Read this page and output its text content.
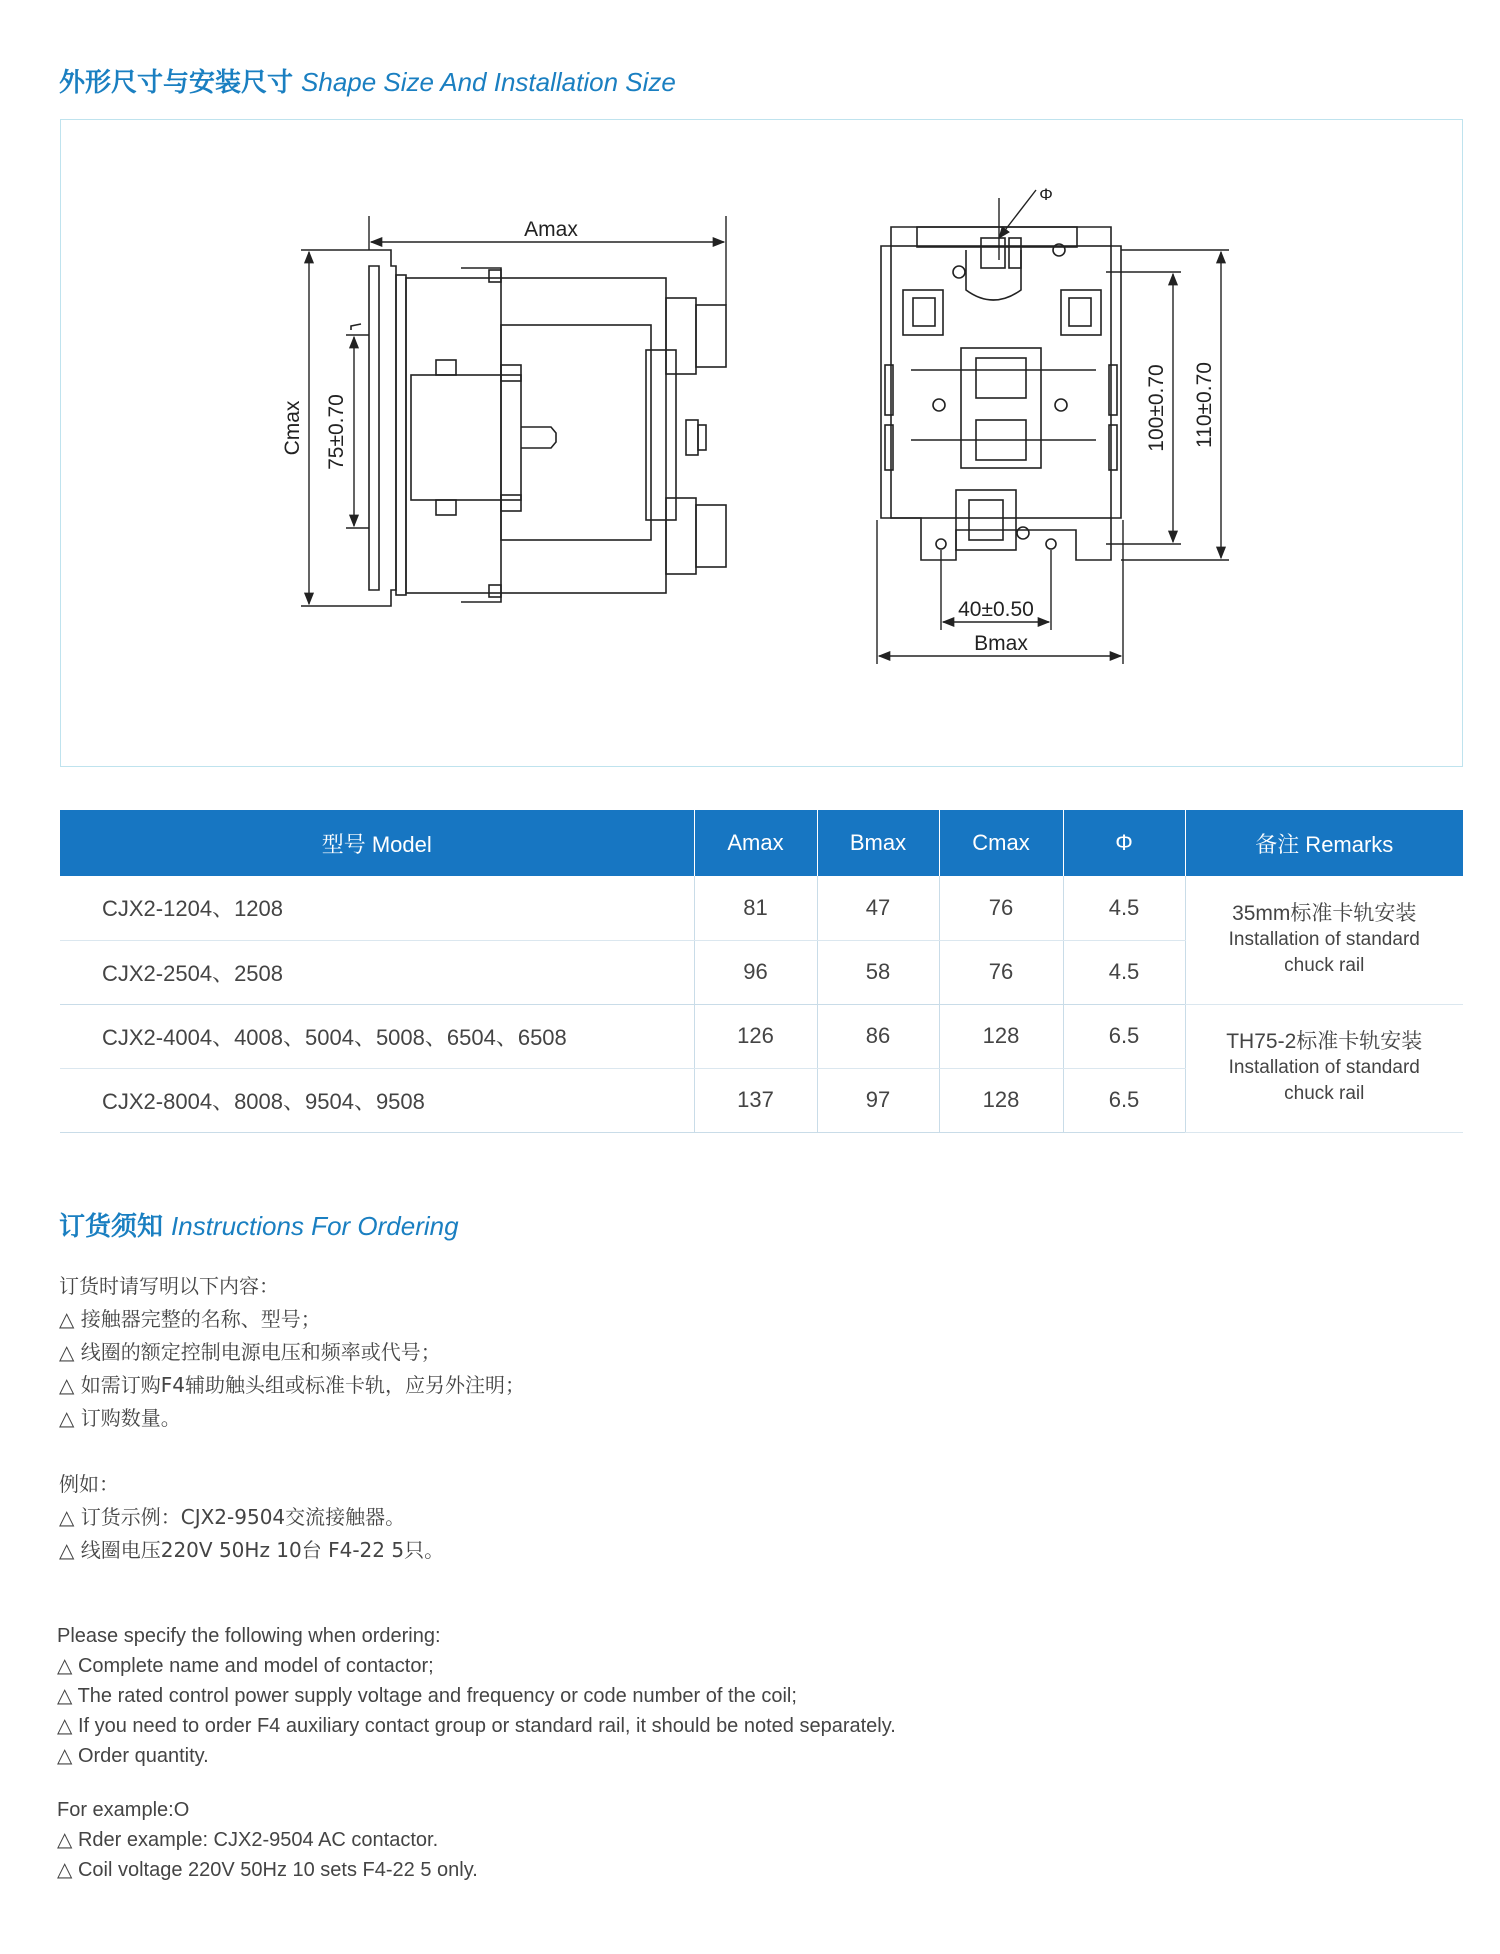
外形尺寸与安装尺寸 Shape Size And Installation Size
Amax
Cmax 75±0.70
Φ
100±0.70 110±0.70
40±0.50
Bmax
型号 Model	Amax	Bmax	Cmax	Φ	备注 Remarks
CJX2-1204、1208	81	47	76	4.5	35mm标准卡轨安装
Installation of standard
chuck rail

CJX2-2504、2508	96	58	76	4.5	
CJX2-4004、4008、5004、5008、6504、6508	126	86	128	6.5	TH75-2标准卡轨安装
Installation of standard
chuck rail

CJX2-8004、8008、9504、9508	137	97	128	6.5	
订货须知 Instructions For Ordering
订货时请写明以下内容：
△ 接触器完整的名称、型号；
△ 线圈的额定控制电源电压和频率或代号；
△ 如需订购F4辅助触头组或标准卡轨，应另外注明；
△ 订购数量。
例如：
△ 订货示例：CJX2-9504交流接触器。
△ 线圈电压220V 50Hz 10台 F4-22 5只。
Please specify the following when ordering:
△ Complete name and model of contactor;
△ The rated control power supply voltage and frequency or code number of the coil;
△ If you need to order F4 auxiliary contact group or standard rail, it should be noted separately.
△ Order quantity.
For example:O
△ Rder example: CJX2-9504 AC contactor.
△ Coil voltage 220V 50Hz 10 sets F4-22 5 only.
